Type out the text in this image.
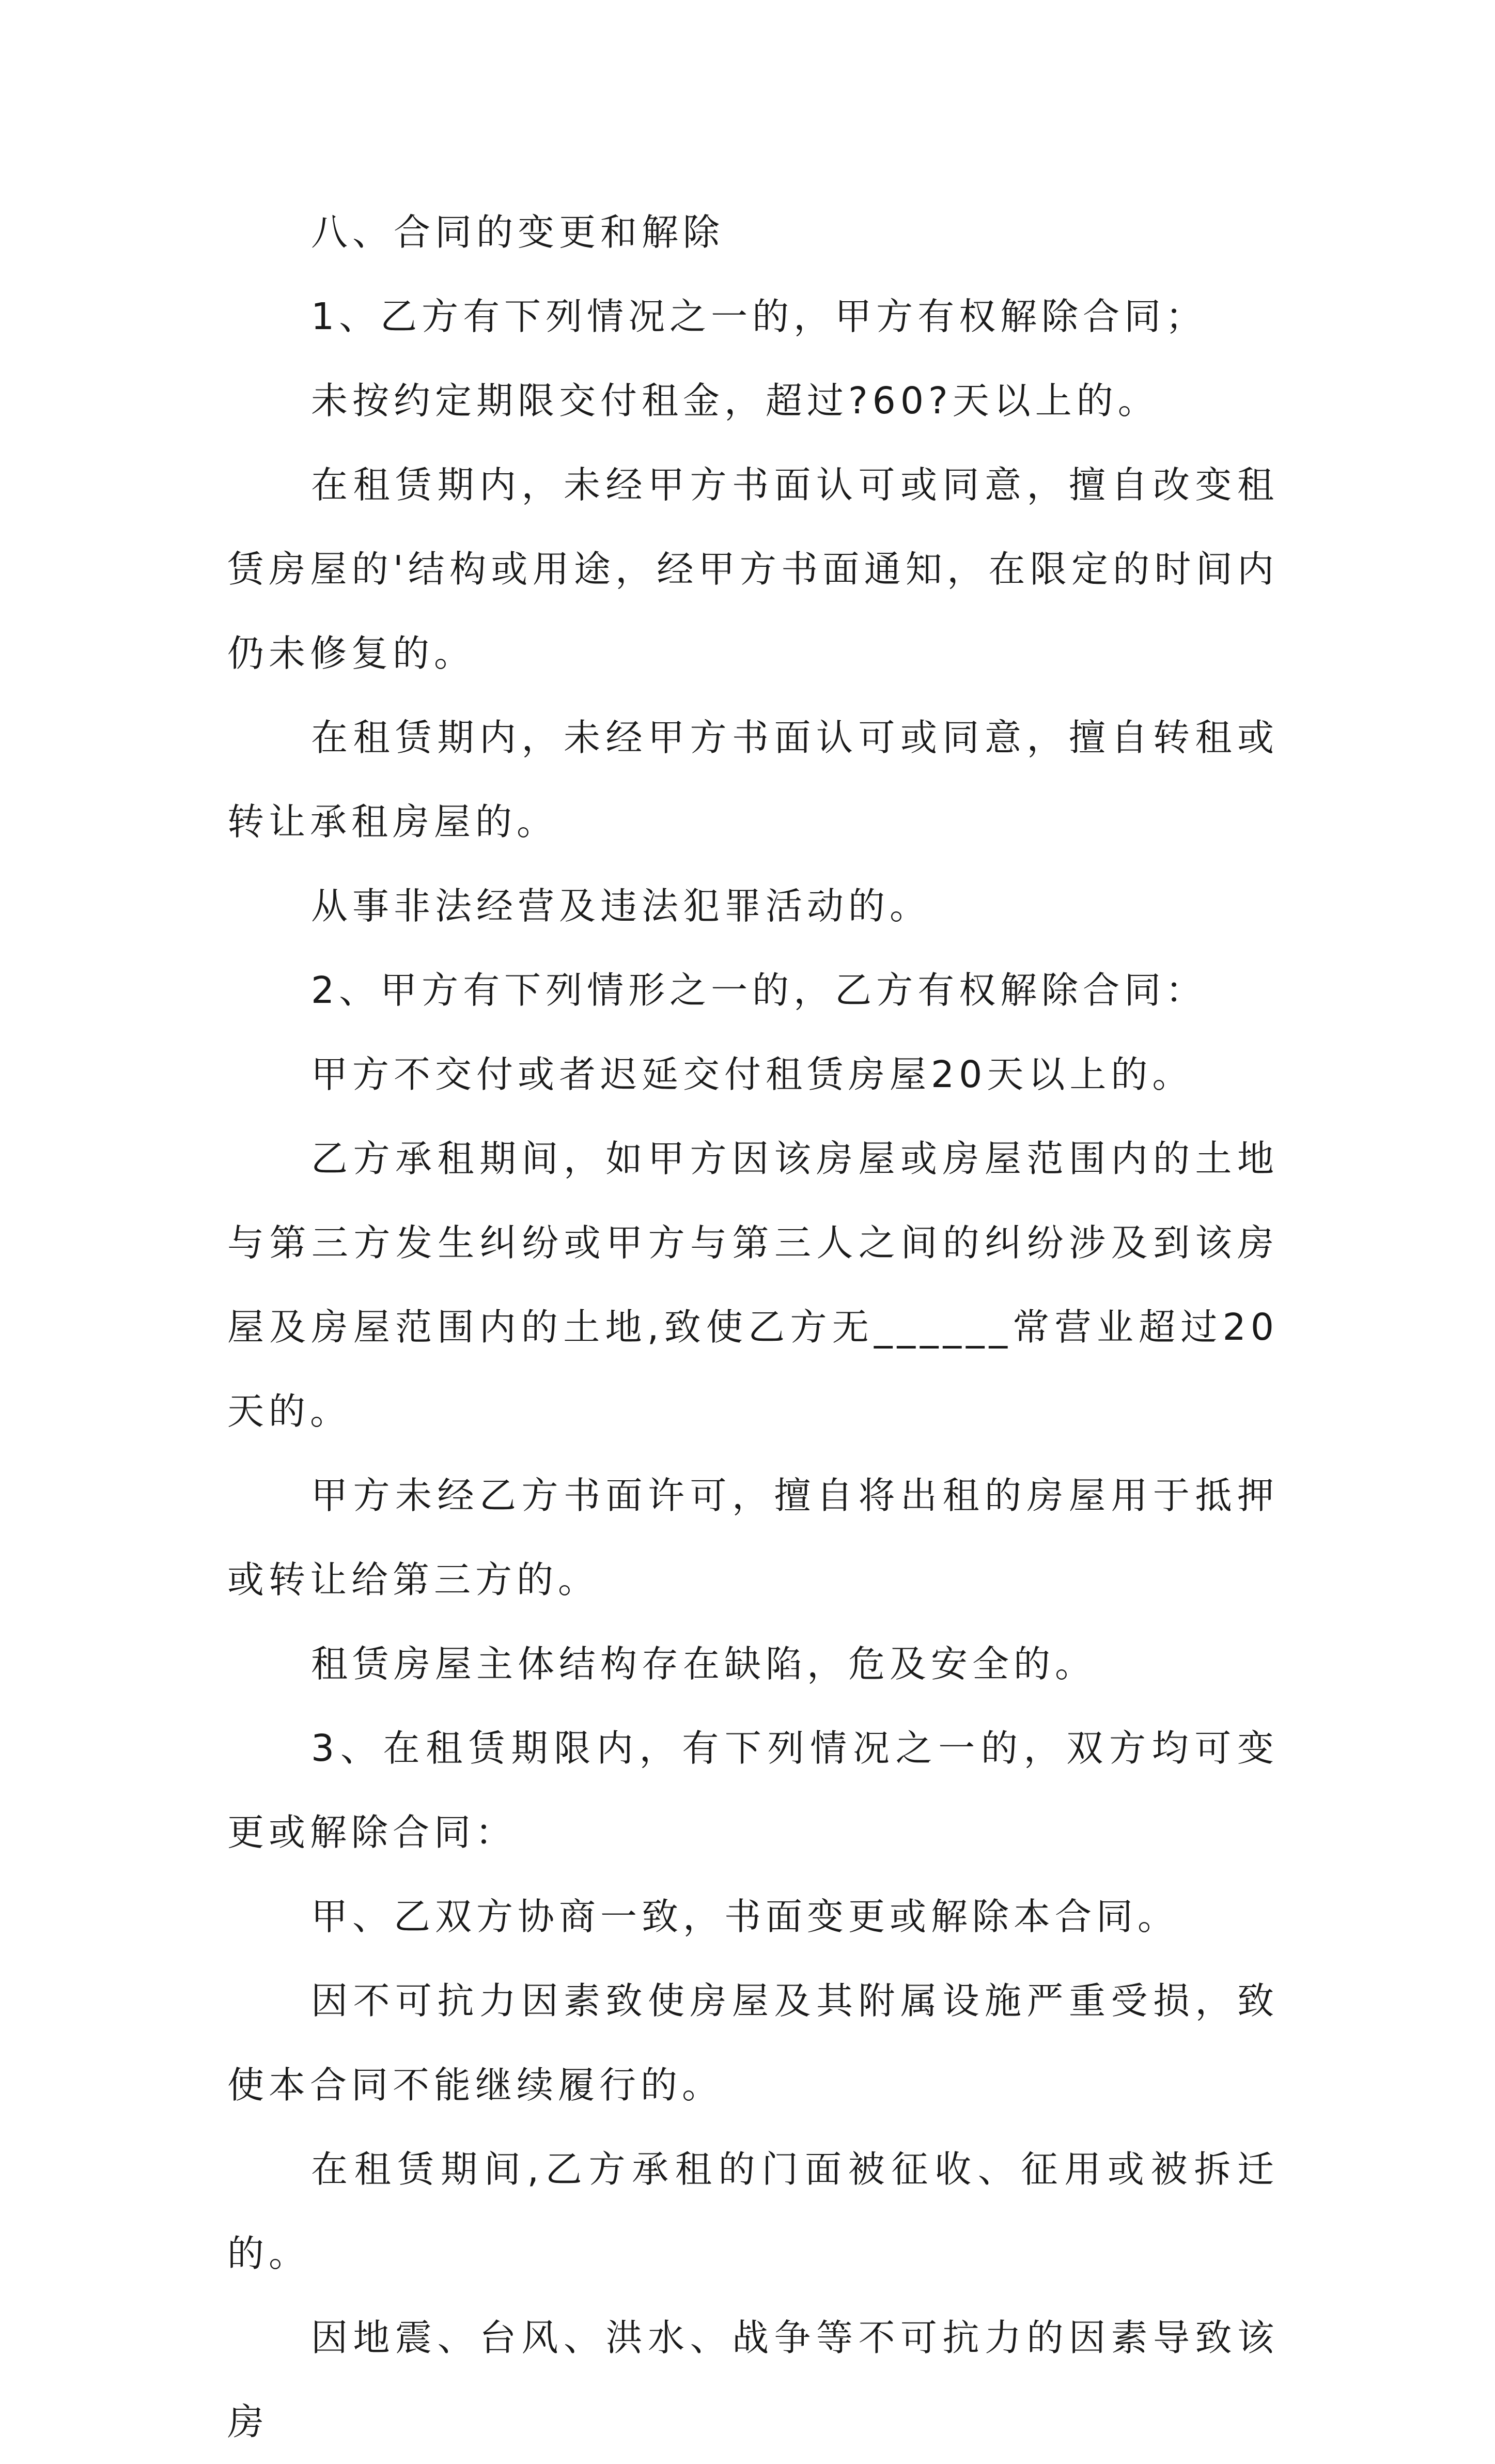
八、合同的变更和解除

1、乙方有下列情况之一的，甲方有权解除合同；

未按约定期限交付租金，超过?60?天以上的。

在租赁期内，未经甲方书面认可或同意，擅自改变租赁房屋的'结构或用途，经甲方书面通知，在限定的时间内仍未修复的。

在租赁期内，未经甲方书面认可或同意，擅自转租或转让承租房屋的。

从事非法经营及违法犯罪活动的。

2、甲方有下列情形之一的，乙方有权解除合同：

甲方不交付或者迟延交付租赁房屋20天以上的。

乙方承租期间，如甲方因该房屋或房屋范围内的土地与第三方发生纠纷或甲方与第三人之间的纠纷涉及到该房屋及房屋范围内的土地,致使乙方无______常营业超过20天的。

甲方未经乙方书面许可，擅自将出租的房屋用于抵押或转让给第三方的。

租赁房屋主体结构存在缺陷，危及安全的。

3、在租赁期限内，有下列情况之一的，双方均可变更或解除合同：

甲、乙双方协商一致，书面变更或解除本合同。

因不可抗力因素致使房屋及其附属设施严重受损，致使本合同不能继续履行的。

在租赁期间,乙方承租的门面被征收、征用或被拆迁的。

因地震、台风、洪水、战争等不可抗力的因素导致该房
